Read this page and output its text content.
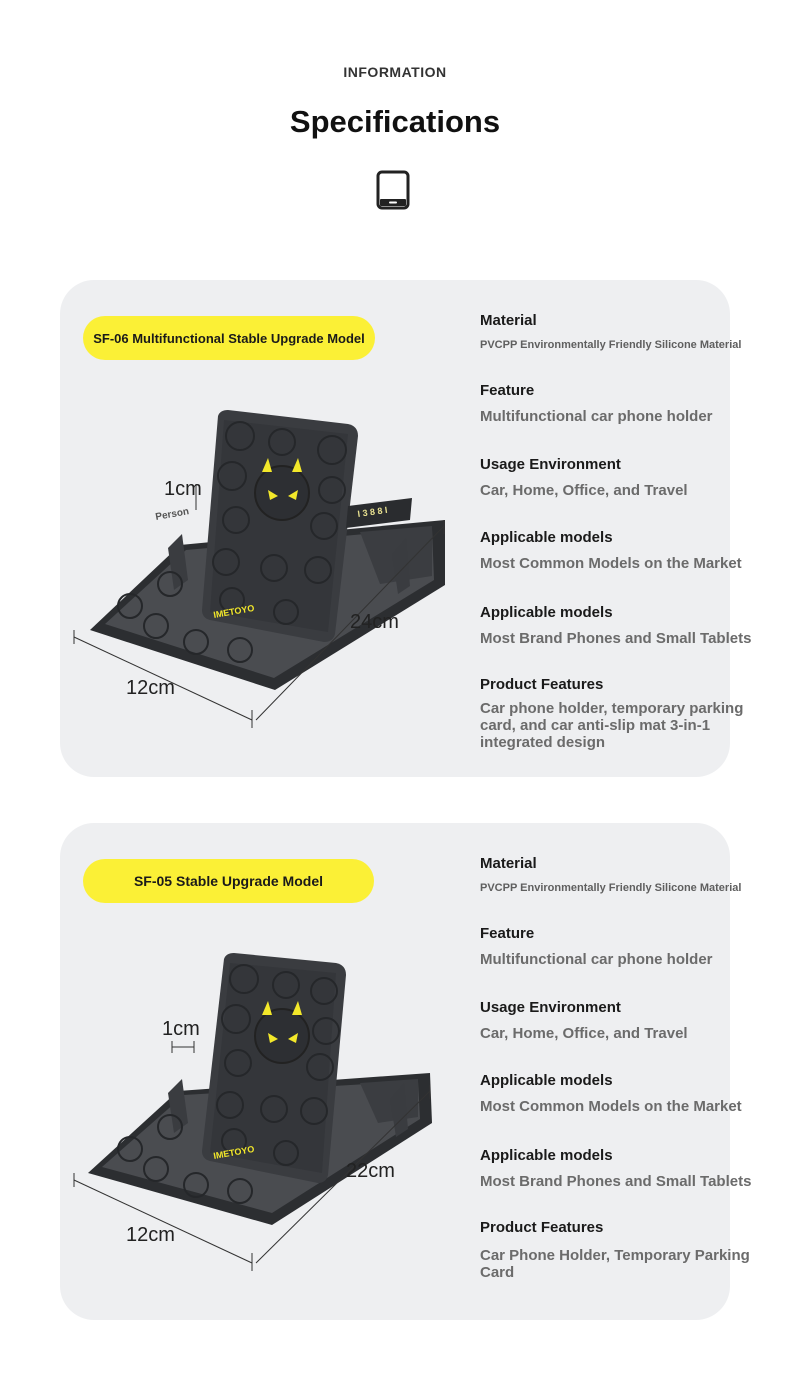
INFORMATION
Specifications
SF-06 Multifunctional Stable Upgrade Model
I 3 8 8 I
IMETOYO
1cm
Person
12cm
24cm
Material
PVCPP Environmentally Friendly Silicone Material
Feature
Multifunctional car phone holder
Usage Environment
Car, Home, Office, and Travel
Applicable models
Most Common Models on the Market
Applicable models
Most Brand Phones and Small Tablets
Product Features
Car phone holder, temporary parking card, and car anti-slip mat 3-in-1 integrated design
SF-05 Stable Upgrade Model
IMETOYO
1cm
12cm
22cm
Material
PVCPP Environmentally Friendly Silicone Material
Feature
Multifunctional car phone holder
Usage Environment
Car, Home, Office, and Travel
Applicable models
Most Common Models on the Market
Applicable models
Most Brand Phones and Small Tablets
Product Features
Car Phone Holder, Temporary Parking Card
